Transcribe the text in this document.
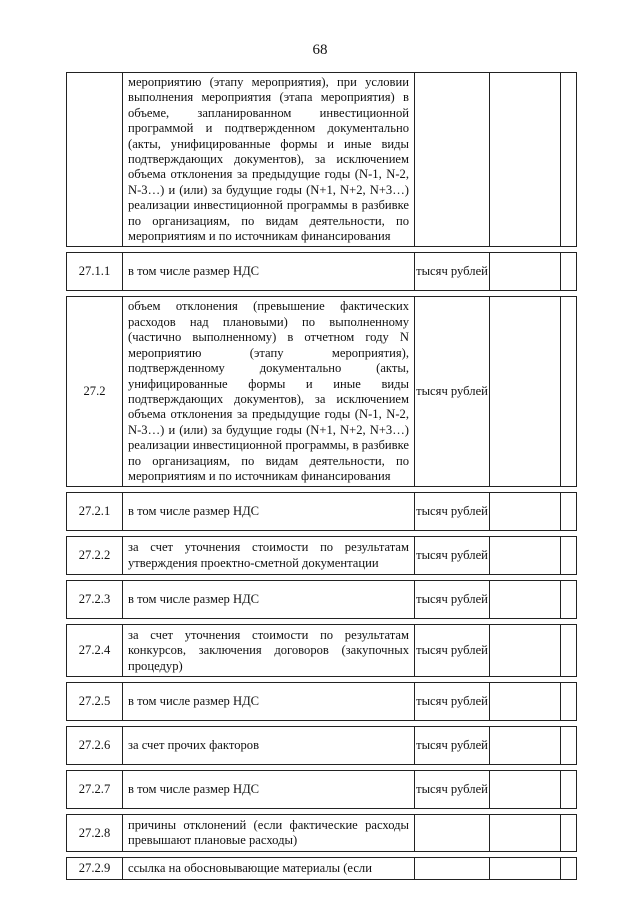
68
	мероприятию (этапу мероприятия), при условии выполнения мероприятия (этапа мероприятия) в объеме, запланированном инвестиционной программой и подтвержденном документально (акты, унифицированные формы и иные виды подтверждающих документов), за исключением объема отклонения за предыдущие годы (N-1, N-2, N-3…) и (или) за будущие годы (N+1, N+2, N+3…) реализации инвестиционной программы в разбивке по организациям, по видам деятельности, по мероприятиям и по источникам финансирования			

27.1.1	в том числе размер НДС	тысяч рублей		

27.2	объем отклонения (превышение фактических расходов над плановыми) по выполненному (частично выполненному) в отчетном году N мероприятию (этапу мероприятия), подтвержденному документально (акты, унифицированные формы и иные виды подтверждающих документов), за исключением объема отклонения за предыдущие годы (N-1, N-2, N-3…) и (или) за будущие годы (N+1, N+2, N+3…) реализации инвестиционной программы, в разбивке по организациям, по видам деятельности, по мероприятиям и по источникам финансирования	тысяч рублей		

27.2.1	в том числе размер НДС	тысяч рублей		

27.2.2	за счет уточнения стоимости по результатам утверждения проектно-сметной документации	тысяч рублей		

27.2.3	в том числе размер НДС	тысяч рублей		

27.2.4	за счет уточнения стоимости по результатам конкурсов, заключения договоров (закупочных процедур)	тысяч рублей		

27.2.5	в том числе размер НДС	тысяч рублей		

27.2.6	за счет прочих факторов	тысяч рублей		

27.2.7	в том числе размер НДС	тысяч рублей		

27.2.8	причины отклонений (если фактические расходы превышают плановые расходы)			

27.2.9	ссылка на обосновывающие материалы (если			
